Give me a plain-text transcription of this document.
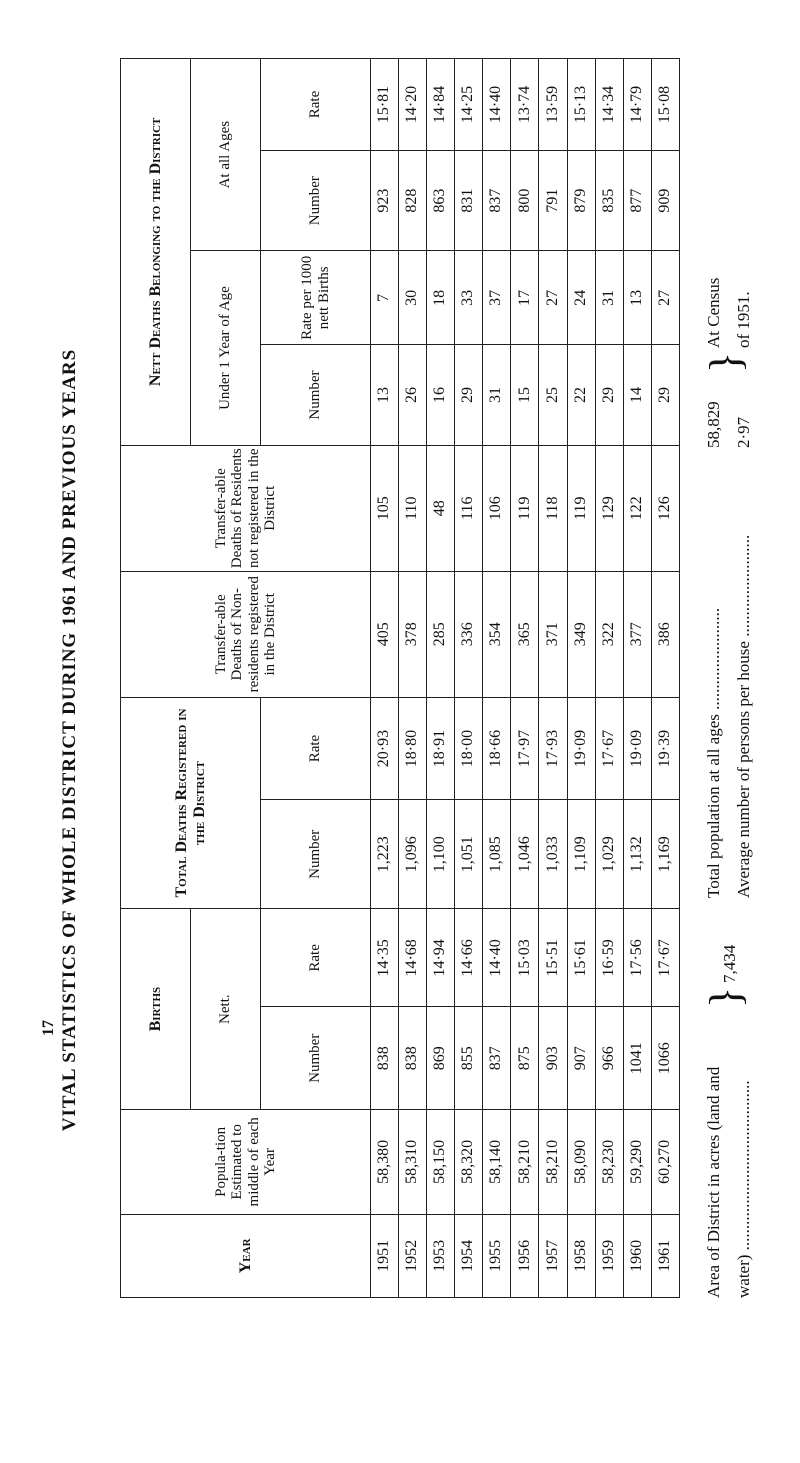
VITAL STATISTICS OF WHOLE DISTRICT DURING 1961 AND PREVIOUS YEARS
17
Year	Popula-tion Estimated to middle of each Year	Births		Total Deaths Registered in the District		Transfer-able Deaths of Non-residents registered in the District	Transfer-able Deaths of Residents not registered in the District	Nett Deaths Belonging to the District			
		Nett.						Under 1 Year of Age		At all Ages	
		Number	Rate	Number	Rate			Number	Rate per 1000 nett Births	Number	Rate
1951	58,380	838	14·35	1,223	20·93	405	105	13	7	923	15·81
1952	58,310	838	14·68	1,096	18·80	378	110	26	30	828	14·20
1953	58,150	869	14·94	1,100	18·91	285	48	16	18	863	14·84
1954	58,320	855	14·66	1,051	18·00	336	116	29	33	831	14·25
1955	58,140	837	14·40	1,085	18·66	354	106	31	37	837	14·40
1956	58,210	875	15·03	1,046	17·97	365	119	15	17	800	13·74
1957	58,210	903	15·51	1,033	17·93	371	118	25	27	791	13·59
1958	58,090	907	15·61	1,109	19·09	349	119	22	24	879	15·13
1959	58,230	966	16·59	1,029	17·67	322	129	29	31	835	14·34
1960	59,290	1041	17·56	1,132	19·09	377	122	14	13	877	14·79
1961	60,270	1066	17·67	1,169	19·39	386	126	29	27	909	15·08
Area of District in acres (land and water) ........................................
}
7,434
Total population at all ages ........................ Average number of persons per house ........................
58,829 2·97
}
At Census of 1951.
